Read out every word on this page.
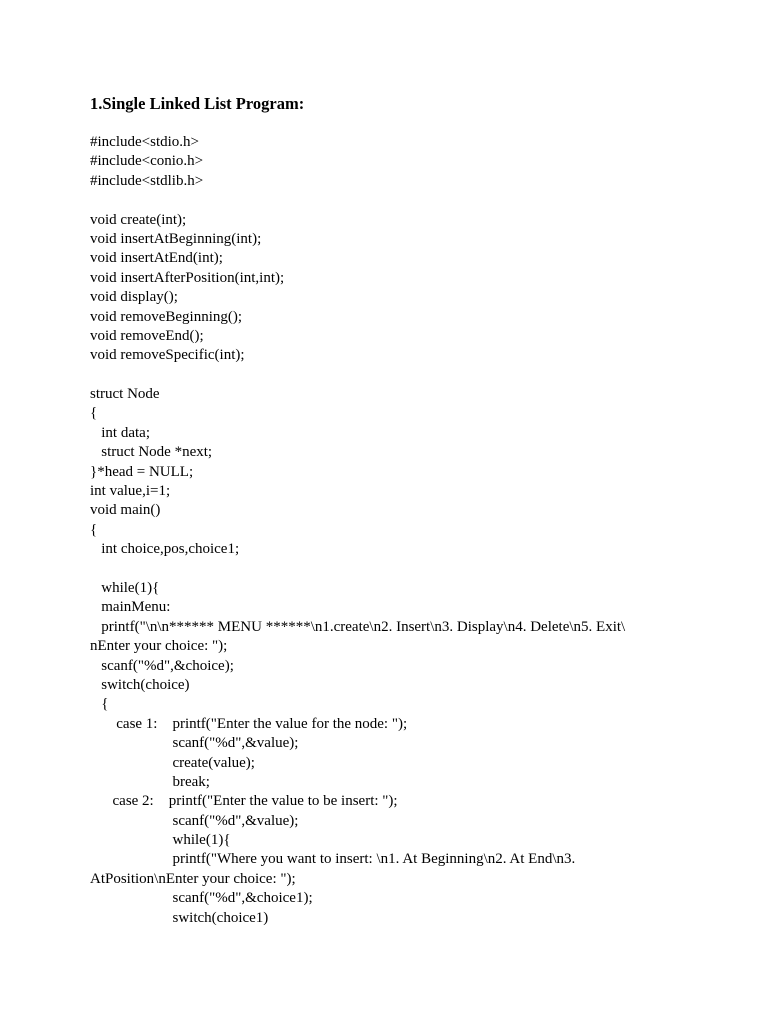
1.Single Linked List Program:
#include<stdio.h>
#include<conio.h>
#include<stdlib.h>
void create(int);
void insertAtBeginning(int);
void insertAtEnd(int);
void insertAfterPosition(int,int);
void display();
void removeBeginning();
void removeEnd();
void removeSpecific(int);
struct Node
{
int data;
struct Node *next;
}*head = NULL;
int value,i=1;
void main()
{
int choice,pos,choice1;
while(1){
mainMenu:
printf("\n\n****** MENU ******\n1.create\n2. Insert\n3. Display\n4. Delete\n5. Exit\
nEnter your choice: ");
scanf("%d",&choice);
switch(choice)
{
case 1:    printf("Enter the value for the node: ");
scanf("%d",&value);
create(value);
break;
case 2:    printf("Enter the value to be insert: ");
scanf("%d",&value);
while(1){
printf("Where you want to insert: \n1. At Beginning\n2. At End\n3.
AtPosition\nEnter your choice: ");
scanf("%d",&choice1);
switch(choice1)
